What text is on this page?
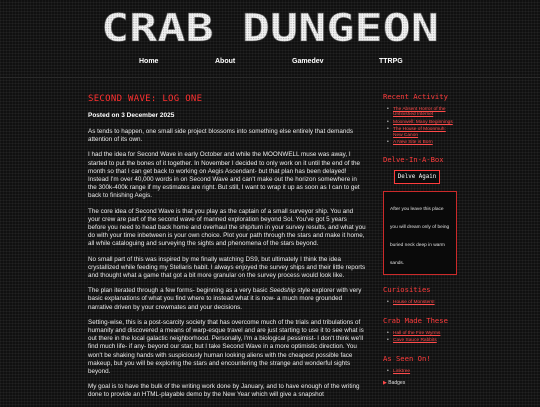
CRAB DUNGEON
Home	About	Gamedev	TTRPG
SECOND WAVE: LOG ONE
Posted on 3 December 2025

As tends to happen, one small side project blossoms into something else entirely that demands attention of its own.

I had the idea for Second Wave in early October and while the MOONWELL muse was away, I started to put the bones of it together. In November I decided to only work on it until the end of the month so that I can get back to working on Aegis Ascendant- but that plan has been delayed! Instead I'm over 40,000 words in on Second Wave and can't make out the horizon somewhere in the 300k-400k range if my estimates are right. But still, I want to wrap it up as soon as I can to get back to finishing Aegis.

The core idea of Second Wave is that you play as the captain of a small surveyor ship. You and your crew are part of the second wave of manned exploration beyond Sol. You've got 5 years before you need to head back home and overhaul the ship/turn in your survey results, and what you do with your time inbetween is your own choice. Plot your path through the stars and make it home, all while cataloguing and surveying the sights and phenomena of the stars beyond.

No small part of this was inspired by me finally watching DS9, but ultimately I think the idea crystallized while feeding my Stellaris habit. I always enjoyed the survey ships and their little reports and thought what a game that got a bit more granular on the survey process would look like.

The plan iterated through a few forms- beginning as a very basic Seedship style explorer with very basic explanations of what you find where to instead what it is now- a much more grounded narrative driven by your crewmates and your decisions.

Setting-wise, this is a post-scarcity society that has overcome much of the trials and tribulations of humanity and discovered a means of warp-esque travel and are just starting to use it to see what is out there in the local galactic neighborhood. Personally, I'm a biological pessimist- I don't think we'll find much life- if any- beyond our star, but I take Second Wave in a more optimistic direction. You won't be shaking hands with suspiciously human looking aliens with the cheapest possible face makeup, but you will be exploring the stars and encountering the strange and wonderful sights beyond.

My goal is to have the bulk of the writing work done by January, and to have enough of the writing done to provide an HTML-playable demo by the New Year which will give a snapshot

Recent Activity
• The Absent Horror of the Unfinished Internet
• Moonwell: Many Beginnings
• The House of Moonmuh: New Canon
• A New Site is Born
Delve-In-A-Box
Delve Again
After you leave this place you will dream only of being buried neck deep in warm sands.
Curiosities
• House of Monsters!
Crab Made These
• Hall of the Fire Wyrms
• Cave Sauce Rabbits
As Seen On!
• Linktree
▶ Badges
